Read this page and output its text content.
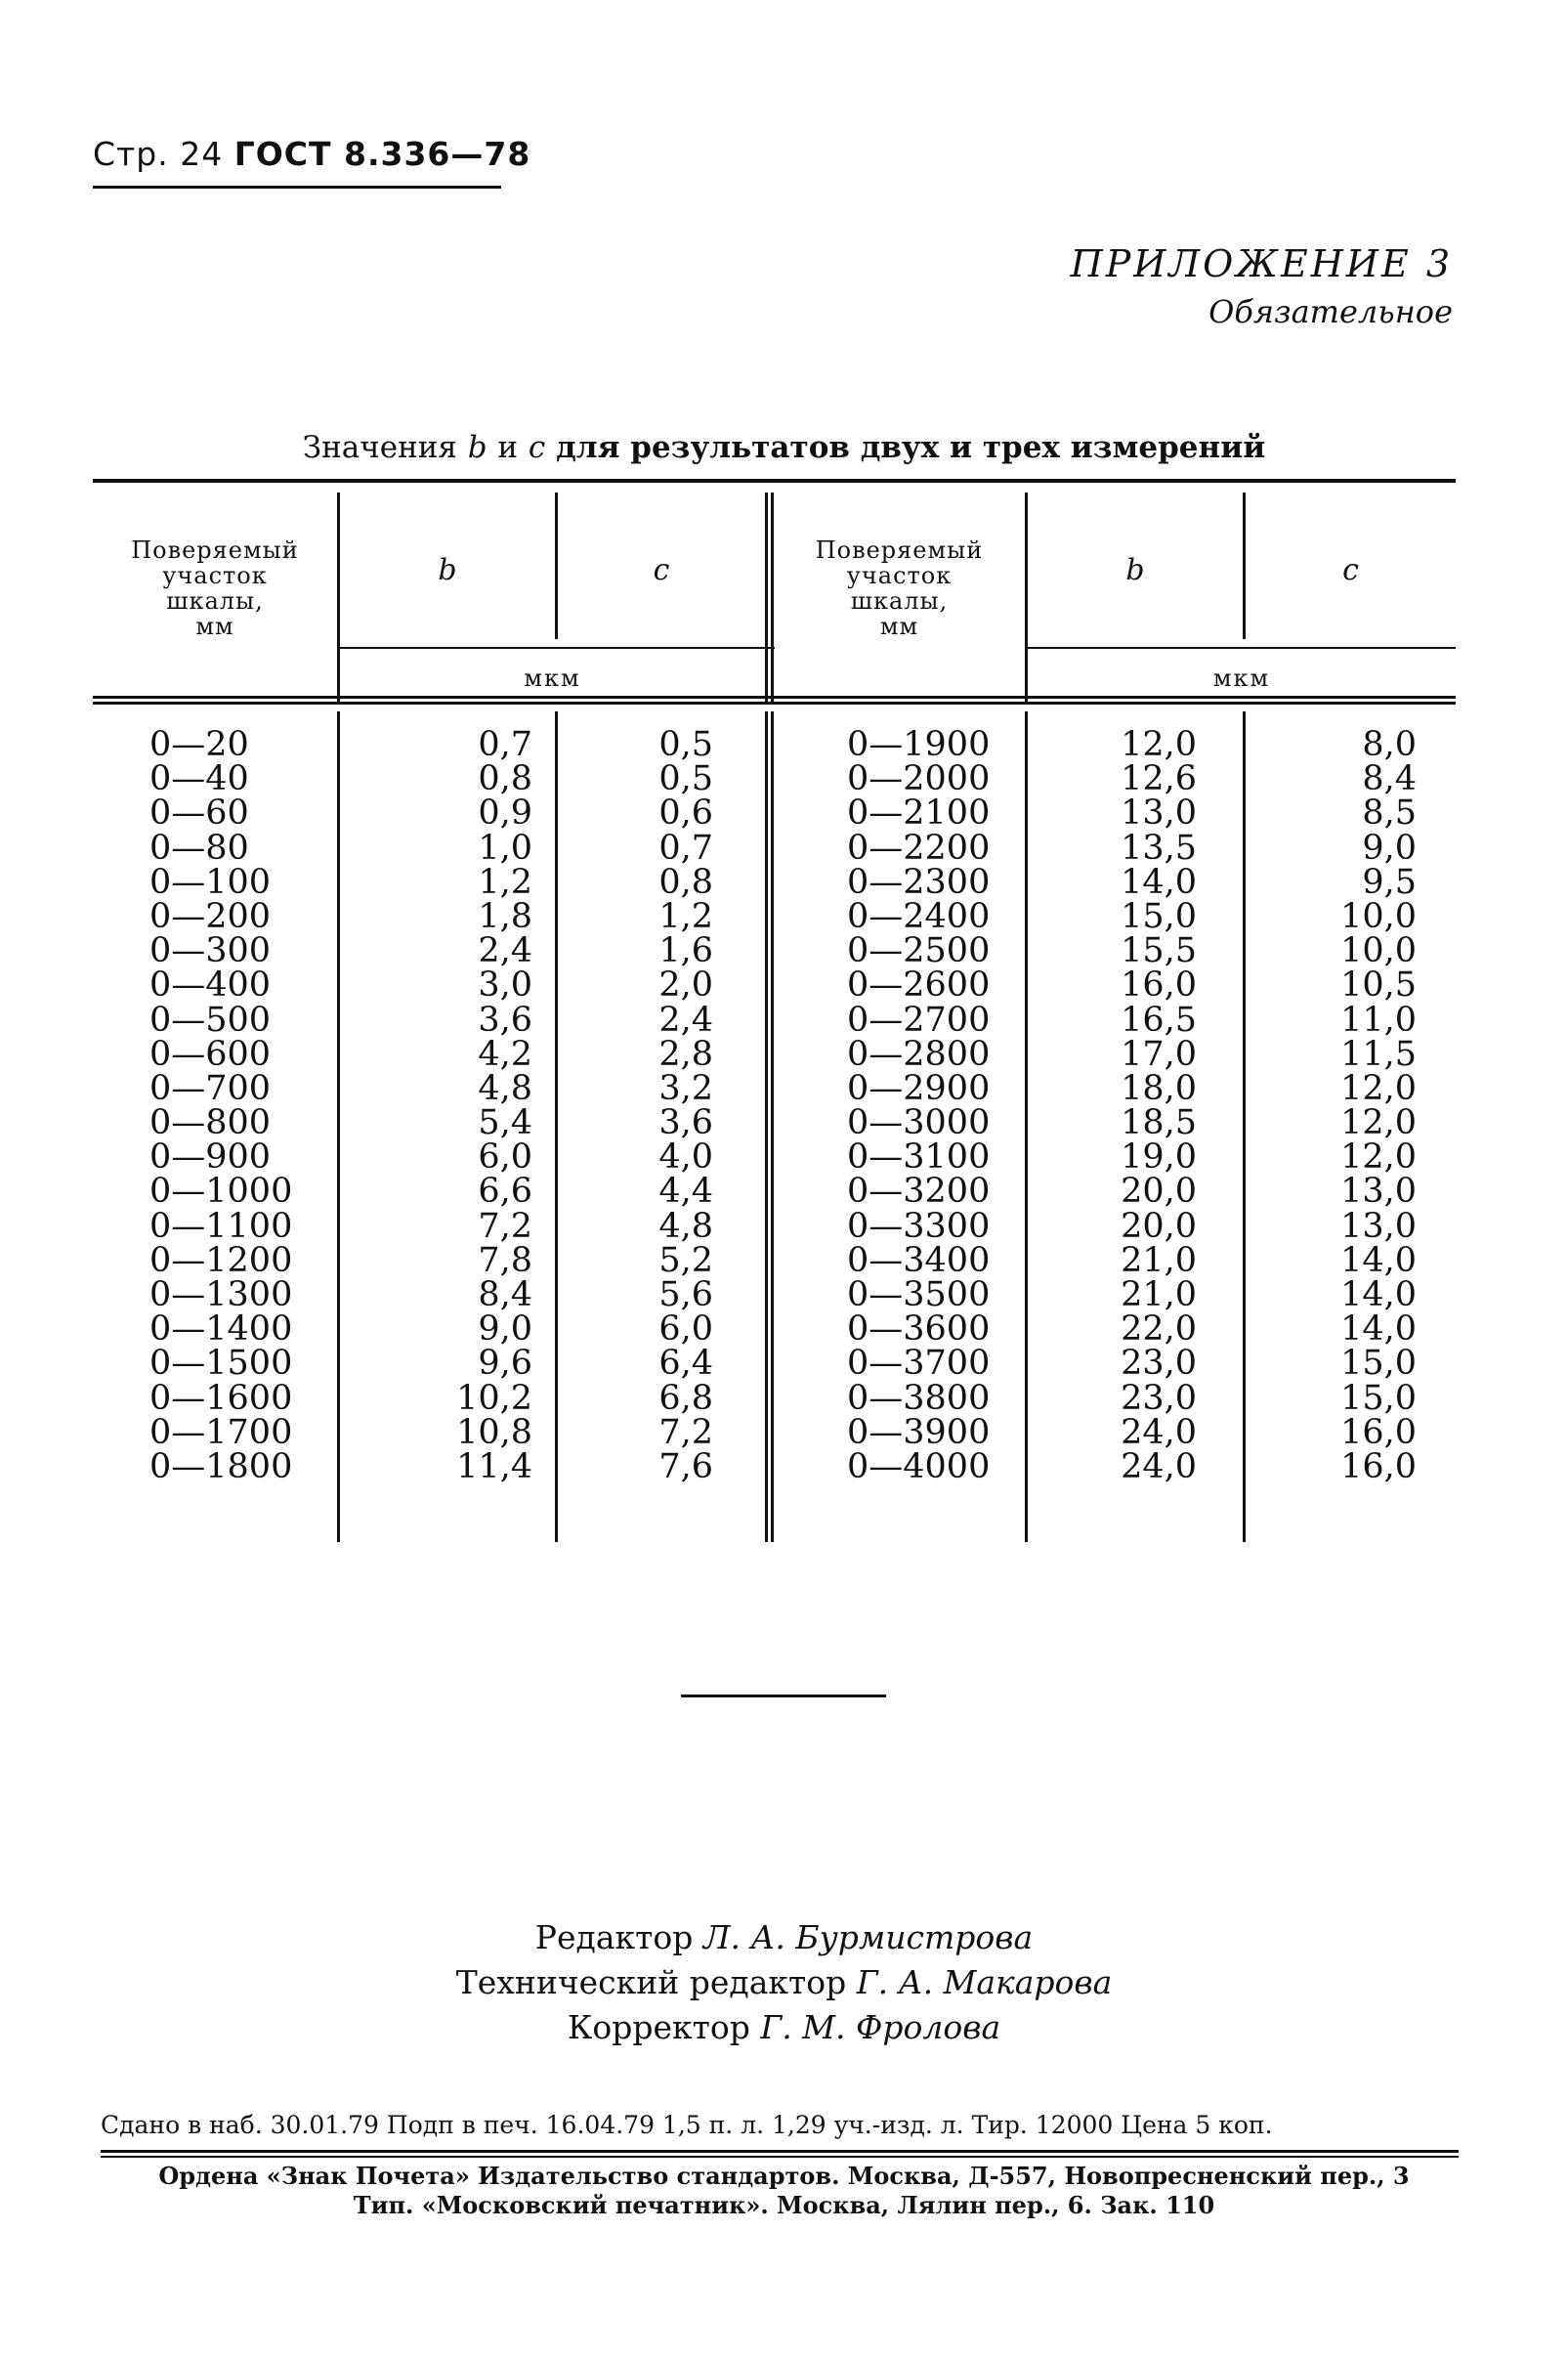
Стр. 24 ГОСТ 8.336—78
ПРИЛОЖЕНИЕ 3
Обязательное
Значения b и c для результатов двух и трех измерений
Поверяемый
участок
шкалы,
мм
b	c
мкм
Поверяемый
участок
шкалы,
мм
b	c
мкм
0—20
0—40
0—60
0—80
0—100
0—200
0—300
0—400
0—500
0—600
0—700
0—800
0—900
0—1000
0—1100
0—1200
0—1300
0—1400
0—1500
0—1600
0—1700
0—1800
0,7
0,8
0,9
1,0
1,2
1,8
2,4
3,0
3,6
4,2
4,8
5,4
6,0
6,6
7,2
7,8
8,4
9,0
9,6
10,2
10,8
11,4
0,5
0,5
0,6
0,7
0,8
1,2
1,6
2,0
2,4
2,8
3,2
3,6
4,0
4,4
4,8
5,2
5,6
6,0
6,4
6,8
7,2
7,6
0—1900
0—2000
0—2100
0—2200
0—2300
0—2400
0—2500
0—2600
0—2700
0—2800
0—2900
0—3000
0—3100
0—3200
0—3300
0—3400
0—3500
0—3600
0—3700
0—3800
0—3900
0—4000
12,0
12,6
13,0
13,5
14,0
15,0
15,5
16,0
16,5
17,0
18,0
18,5
19,0
20,0
20,0
21,0
21,0
22,0
23,0
23,0
24,0
24,0
8,0
8,4
8,5
9,0
9,5
10,0
10,0
10,5
11,0
11,5
12,0
12,0
12,0
13,0
13,0
14,0
14,0
14,0
15,0
15,0
16,0
16,0
Редактор Л. А. Бурмистрова
Технический редактор Г. А. Макарова
Корректор Г. М. Фролова
Сдано в наб. 30.01.79 Подп в печ. 16.04.79 1,5 п. л. 1,29 уч.-изд. л. Тир. 12000 Цена 5 коп.
Ордена «Знак Почета» Издательство стандартов. Москва, Д-557, Новопресненский пер., 3
Тип. «Московский печатник». Москва, Лялин пер., 6. Зак. 110
